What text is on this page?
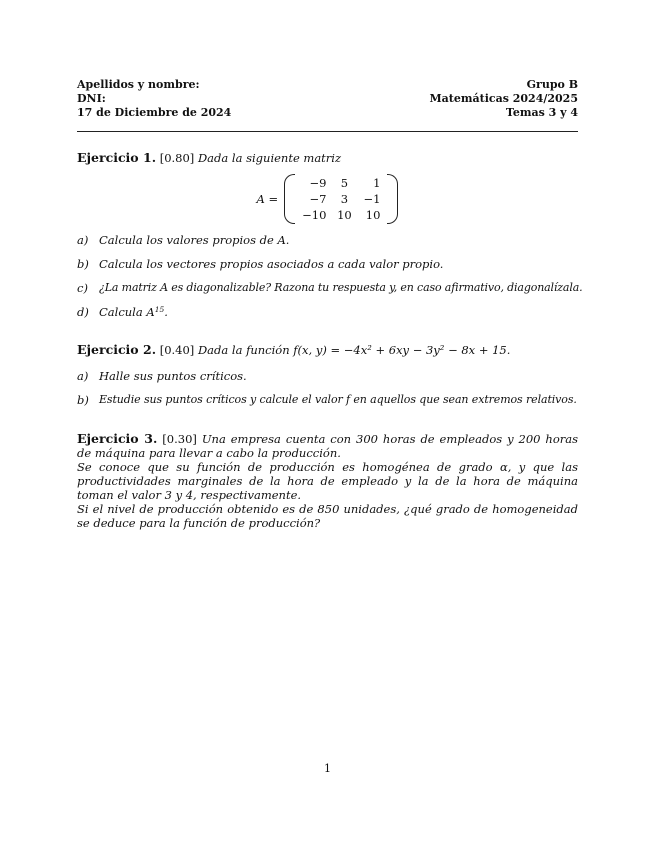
Apellidos y nombre:	Grupo B
DNI:	Matemáticas 2024/2025
17 de Diciembre de 2024	Temas 3 y 4
Ejercicio 1. [0.80] Dada la siguiente matriz
A =
−9	5	1
−7	3	−1
−10	10	10
a) Calcula los valores propios de A.
b) Calcula los vectores propios asociados a cada valor propio.
c) ¿La matriz A es diagonalizable? Razona tu respuesta y, en caso afirmativo, diagonalízala.
d) Calcula $A^{15}$.
Ejercicio 2. [0.40] Dada la función f(x, y) = −4x² + 6xy − 3y² − 8x + 15.
a) Halle sus puntos críticos.
b) Estudie sus puntos críticos y calcule el valor f en aquellos que sean extremos relativos.
Ejercicio 3. [0.30] Una empresa cuenta con 300 horas de empleados y 200 horas de máquina para llevar a cabo la producción.
Se conoce que su función de producción es homogénea de grado α, y que las productividades marginales de la hora de empleado y la de la hora de máquina toman el valor 3 y 4, respectivamente.
Si el nivel de producción obtenido es de 850 unidades, ¿qué grado de homogeneidad se deduce para la función de producción?
1
